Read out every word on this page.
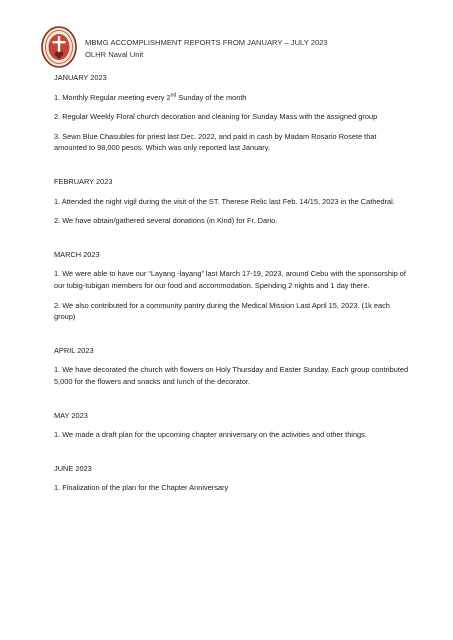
MBMG ACCOMPLISHMENT REPORTS FROM JANUARY – JULY 2023
OLHR Naval Unit

JANUARY 2023

1. Monthly Regular meeting every 2nd Sunday of the month

2. Regular Weekly Floral church decoration and cleaning for Sunday Mass with the assigned group

3. Sewn Blue Chasubles for priest last Dec. 2022, and paid in cash by Madam Rosario Rosete that amounted to 98,000 pesos. Which was only reported last January.

FEBRUARY 2023

1. Attended the night vigil during the visit of the ST. Therese Relic last Feb. 14/15, 2023 in the Cathedral.

2. We have obtain/gathered several donations (in Kind) for Fr. Dario.

MARCH 2023

1. We were able to have our “Layang -layang” last March 17-19, 2023, around Cebu with the sponsorship of our tubig-tubigan members for our food and accommodation. Spending 2 nights and 1 day there.

2. We also contributed for a community pantry during the Medical Mission Last April 15, 2023. (1k each group)

APRIL 2023

1. We have decorated the church with flowers on Holy Thursday and Easter Sunday. Each group contributed 5,000 for the flowers and snacks and lunch of the decorator.

MAY 2023

1. We made a draft plan for the upcoming chapter anniversary on the activities and other things.

JUNE 2023

1. Finalization of the plan for the Chapter Anniversary
